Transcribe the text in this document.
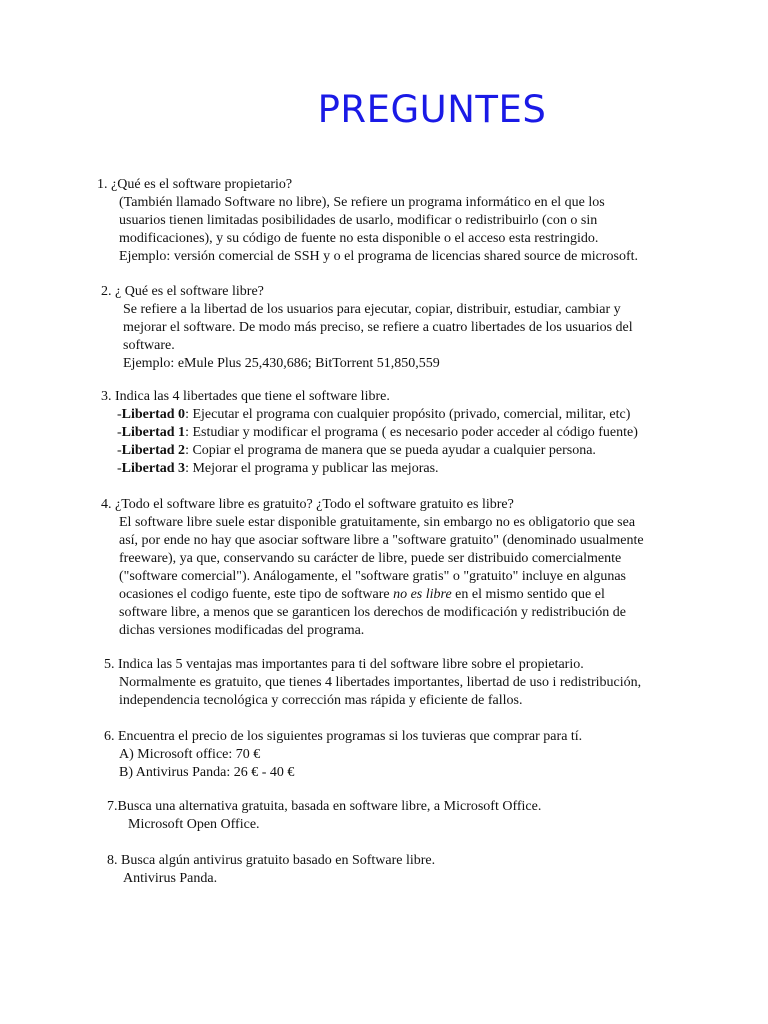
PREGUNTES
1. ¿Qué es el software propietario?
(También llamado Software no libre), Se refiere un programa informático en el que los
usuarios tienen limitadas posibilidades de usarlo, modificar o redistribuirlo (con o sin
modificaciones), y su código de fuente no esta disponible o el acceso esta restringido.
Ejemplo: versión comercial de SSH y o el programa de licencias shared source de microsoft.
2. ¿ Qué es el software libre?
Se refiere a la libertad de los usuarios para ejecutar, copiar, distribuir, estudiar, cambiar y
mejorar el software. De modo más preciso, se refiere a cuatro libertades de los usuarios del
software.
Ejemplo: eMule Plus 25,430,686; BitTorrent 51,850,559
3. Indica las 4 libertades que tiene el software libre.
-Libertad 0: Ejecutar el programa con cualquier propósito (privado, comercial, militar, etc)
-Libertad 1: Estudiar y modificar el programa ( es necesario poder acceder al código fuente)
-Libertad 2: Copiar el programa de manera que se pueda ayudar a cualquier persona.
-Libertad 3: Mejorar el programa y publicar las mejoras.
4. ¿Todo el software libre es gratuito? ¿Todo el software gratuito es libre?
El software libre suele estar disponible gratuitamente, sin embargo no es obligatorio que sea
así, por ende no hay que asociar software libre a "software gratuito" (denominado usualmente
freeware), ya que, conservando su carácter de libre, puede ser distribuido comercialmente
("software comercial"). Análogamente, el "software gratis" o "gratuito" incluye en algunas
ocasiones el codigo fuente, este tipo de software no es libre en el mismo sentido que el
software libre, a menos que se garanticen los derechos de modificación y redistribución de
dichas versiones modificadas del programa.
5. Indica las 5 ventajas mas importantes para ti del software libre sobre el propietario.
Normalmente es gratuito, que tienes 4 libertades importantes, libertad de uso i redistribución,
independencia tecnológica y corrección mas rápida y eficiente de fallos.
6. Encuentra el precio de los siguientes programas si los tuvieras que comprar para tí.
A) Microsoft office: 70 €
B) Antivirus Panda: 26 € - 40 €
7.Busca una alternativa gratuita, basada en software libre, a Microsoft Office.
Microsoft Open Office.
8. Busca algún antivirus gratuito basado en Software libre.
Antivirus Panda.
